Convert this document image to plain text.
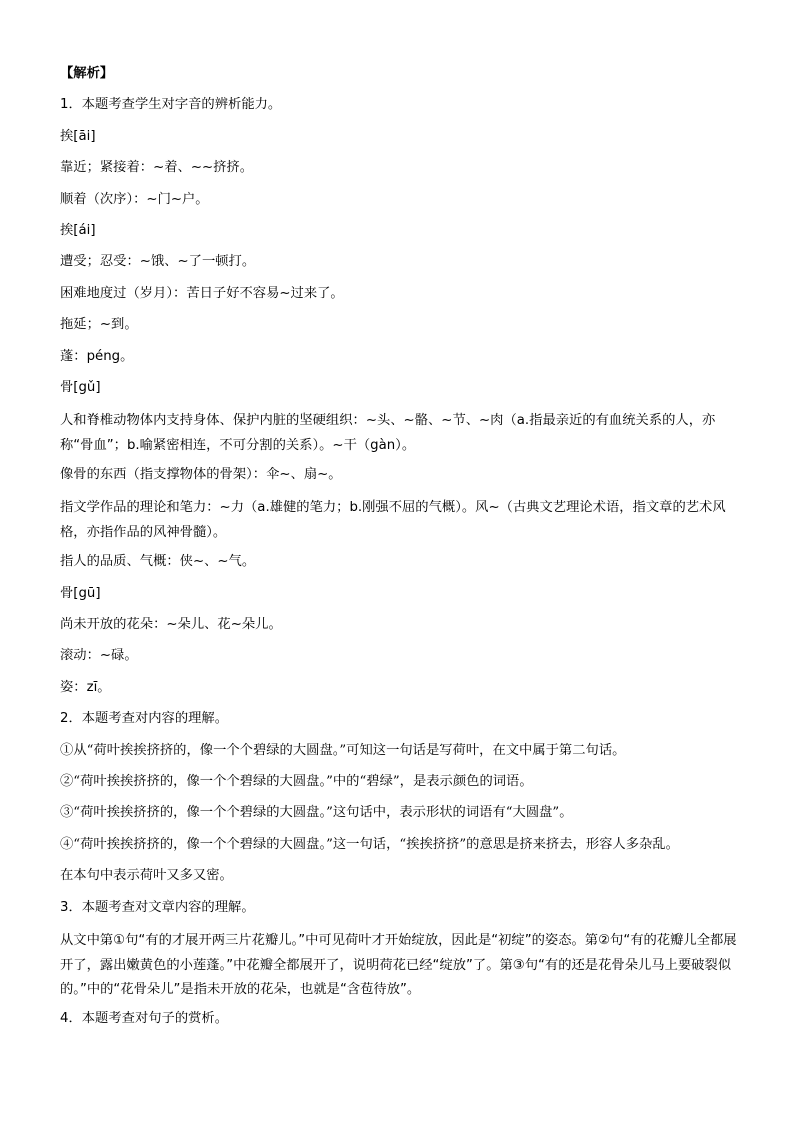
【解析】
1．本题考查学生对字音的辨析能力。
挨[āi]
靠近；紧接着：~着、~~挤挤。
顺着（次序）：~门~户。
挨[ái]
遭受；忍受：~饿、~了一顿打。
困难地度过（岁月）：苦日子好不容易~过来了。
拖延；~到。
蓬：péng。
骨[gǔ]
人和脊椎动物体内支持身体、保护内脏的坚硬组织：~头、~骼、~节、~肉（a.指最亲近的有血统关系的人，亦称“骨血”；b.喻紧密相连，不可分割的关系）。~干（gàn）。
像骨的东西（指支撑物体的骨架）：伞~、扇~。
指文学作品的理论和笔力：~力（a.雄健的笔力；b.刚强不屈的气概）。风~（古典文艺理论术语，指文章的艺术风格，亦指作品的风神骨髓）。
指人的品质、气概：侠~、~气。
骨[gū]
尚未开放的花朵：~朵儿、花~朵儿。
滚动：~碌。
姿：zī。
2．本题考查对内容的理解。
①从“荷叶挨挨挤挤的，像一个个碧绿的大圆盘。”可知这一句话是写荷叶，在文中属于第二句话。
②“荷叶挨挨挤挤的，像一个个碧绿的大圆盘。”中的“碧绿”，是表示颜色的词语。
③“荷叶挨挨挤挤的，像一个个碧绿的大圆盘。”这句话中，表示形状的词语有“大圆盘”。
④“荷叶挨挨挤挤的，像一个个碧绿的大圆盘。”这一句话，“挨挨挤挤”的意思是挤来挤去，形容人多杂乱。
在本句中表示荷叶又多又密。
3．本题考查对文章内容的理解。
从文中第①句“有的才展开两三片花瓣儿。”中可见荷叶才开始绽放，因此是“初绽”的姿态。第②句“有的花瓣儿全都展开了，露出嫩黄色的小莲蓬。”中花瓣全都展开了，说明荷花已经“绽放”了。第③句“有的还是花骨朵儿马上要破裂似的。”中的“花骨朵儿”是指未开放的花朵，也就是“含苞待放”。
4．本题考查对句子的赏析。
